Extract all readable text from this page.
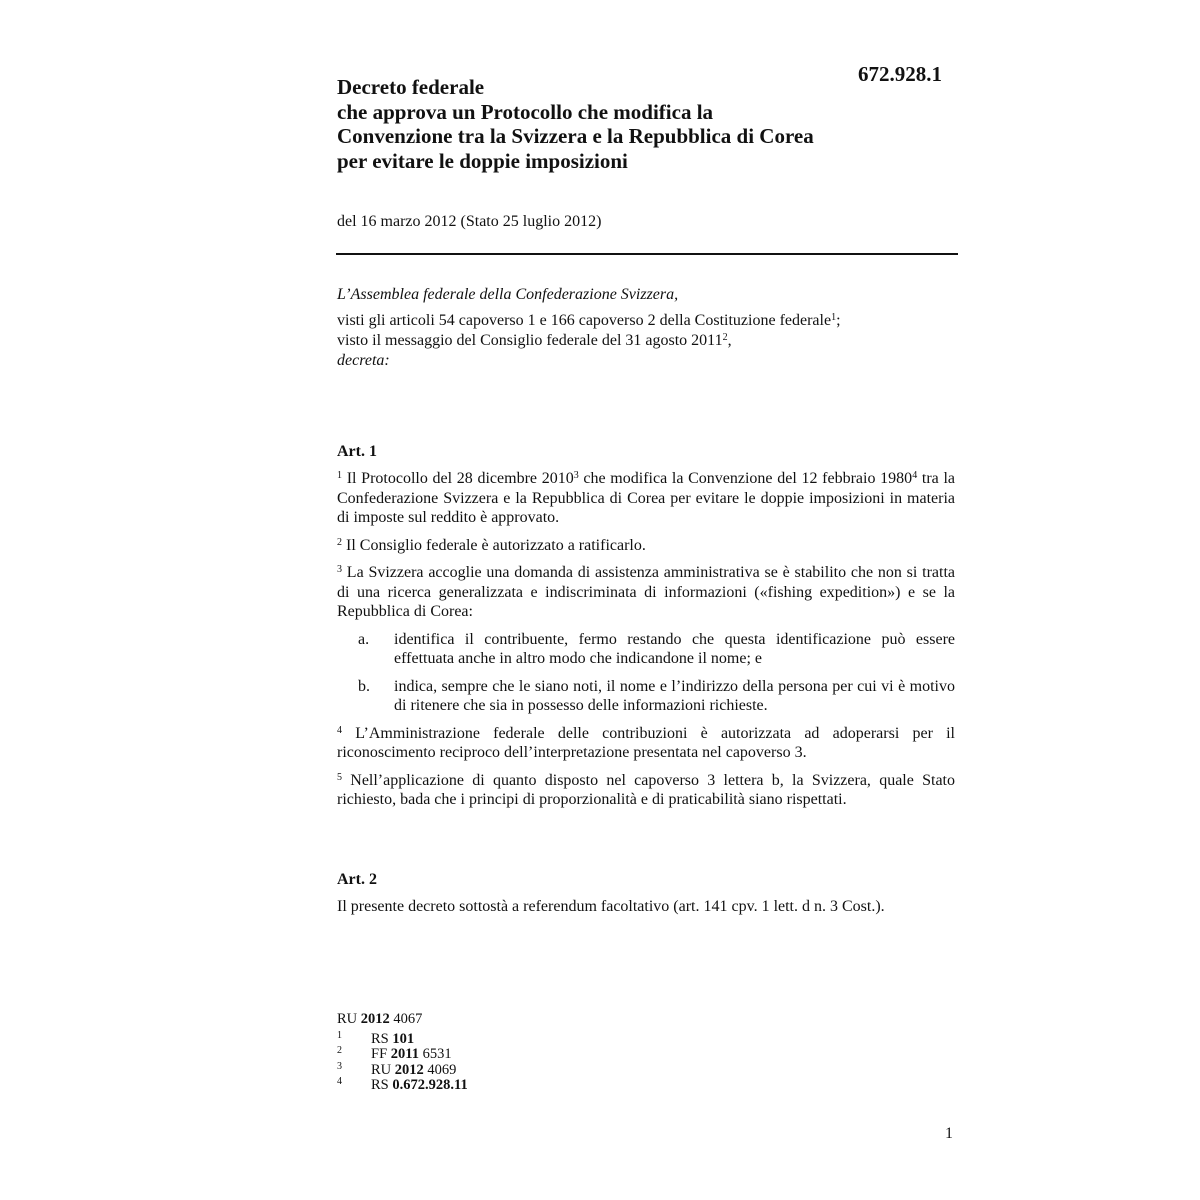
672.928.1
Decreto federale
che approva un Protocollo che modifica la
Convenzione tra la Svizzera e la Repubblica di Corea
per evitare le doppie imposizioni
del 16 marzo 2012 (Stato 25 luglio 2012)
L’Assemblea federale della Confederazione Svizzera,
visti gli articoli 54 capoverso 1 e 166 capoverso 2 della Costituzione federale$^1$;
visto il messaggio del Consiglio federale del 31 agosto 2011$^2$,
decreta:
Art. 1
$^1$ Il Protocollo del 28 dicembre 2010$^3$ che modifica la Convenzione del 12 febbraio 1980$^4$ tra la Confederazione Svizzera e la Repubblica di Corea per evitare le doppie imposizioni in materia di imposte sul reddito è approvato.
$^2$ Il Consiglio federale è autorizzato a ratificarlo.
$^3$ La Svizzera accoglie una domanda di assistenza amministrativa se è stabilito che non si tratta di una ricerca generalizzata e indiscriminata di informazioni («fishing expedition») e se la Repubblica di Corea:
a. identifica il contribuente, fermo restando che questa identificazione può essere effettuata anche in altro modo che indicandone il nome; e
b. indica, sempre che le siano noti, il nome e l’indirizzo della persona per cui vi è motivo di ritenere che sia in possesso delle informazioni richieste.
$^4$ L’Amministrazione federale delle contribuzioni è autorizzata ad adoperarsi per il riconoscimento reciproco dell’interpretazione presentata nel capoverso 3.
$^5$ Nell’applicazione di quanto disposto nel capoverso 3 lettera b, la Svizzera, quale Stato richiesto, bada che i principi di proporzionalità e di praticabilità siano rispettati.
Art. 2
Il presente decreto sottostà a referendum facoltativo (art. 141 cpv. 1 lett. d n. 3 Cost.).
RU 2012 4067
1 RS 101
2 FF 2011 6531
3 RU 2012 4069
4 RS 0.672.928.11
1
